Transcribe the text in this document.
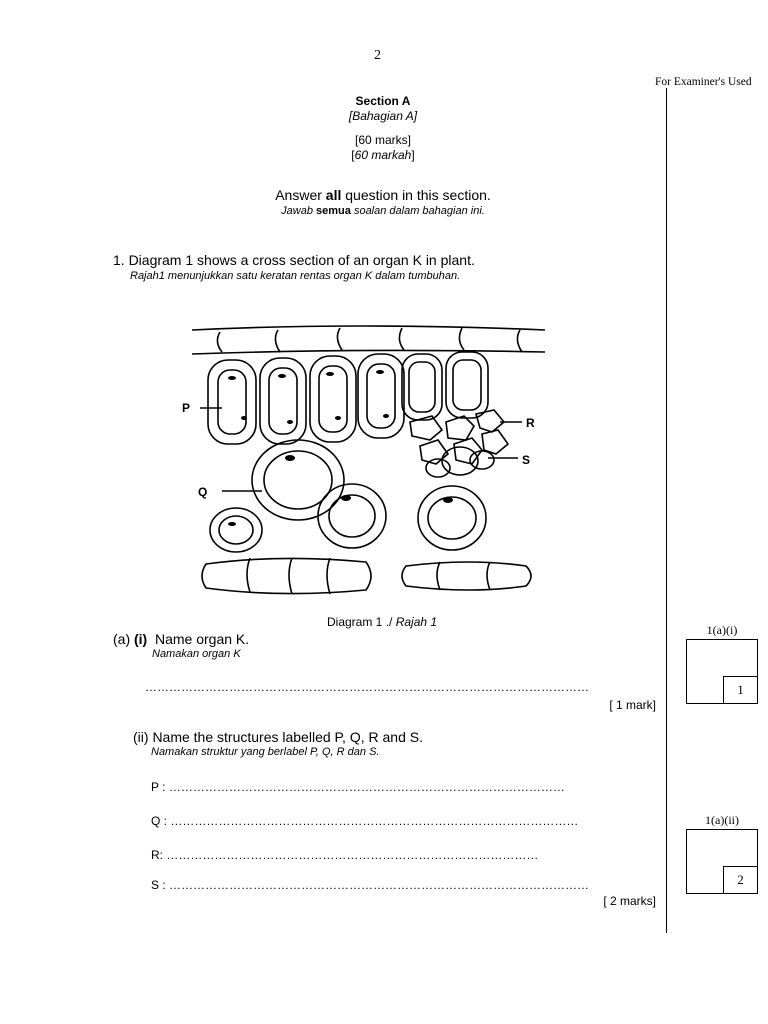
2
For Examiner's Used
Section A
[Bahagian A]
[60 marks]
[60 markah]
Answer all question in this section.
Jawab semua soalan dalam bahagian ini.
1. Diagram 1 shows a cross section of an organ K in plant.
Rajah1 menunjukkan satu keratan rentas organ K dalam tumbuhan.
P
Q
R
S
Diagram 1 ./ Rajah 1
(a) (i) Name organ K.
Namakan organ K
…………………………………………………………………………………………………
[ 1 mark]
1(a)(i)
1
(ii) Name the structures labelled P, Q, R and S.
Namakan struktur yang berlabel P, Q, R dan S.
P : ………………………………………………………………………………………
Q : …………………………………………………………………………………………
R: …………………………………………………………………………………
S : ……………………………………………………………………………………………
[ 2 marks]
1(a)(ii)
2
